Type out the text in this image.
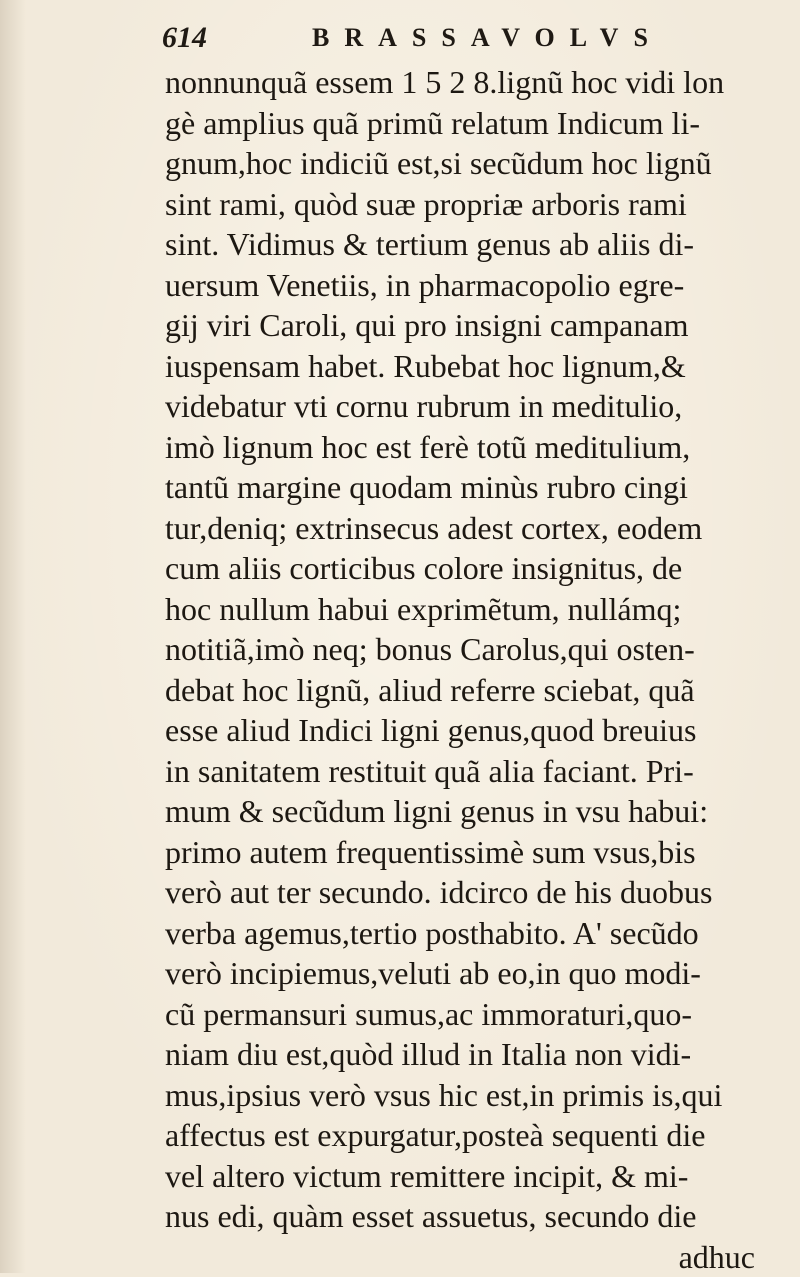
614	BRASSAVOLVS
nonnunquã essem 1 5 2 8.lignũ hoc vidi lon
gè amplius quã primũ relatum Indicum li-
gnum,hoc indiciũ est,si secũdum hoc lignũ
sint rami, quòd suæ propriæ arboris rami
sint. Vidimus & tertium genus ab aliis di-
uersum Venetiis, in pharmacopolio egre-
gij viri Caroli, qui pro insigni campanam
iuspensam habet. Rubebat hoc lignum,&
videbatur vti cornu rubrum in meditulio,
imò lignum hoc est ferè totũ meditulium,
tantũ margine quodam minùs rubro cingi
tur,deniq; extrinsecus adest cortex, eodem
cum aliis corticibus colore insignitus, de
hoc nullum habui exprimẽtum, nullámq;
notitiã,imò neq; bonus Carolus,qui osten-
debat hoc lignũ, aliud referre sciebat, quã
esse aliud Indici ligni genus,quod breuius
in sanitatem restituit quã alia faciant. Pri-
mum & secũdum ligni genus in vsu habui:
primo autem frequentissimè sum vsus,bis
verò aut ter secundo. idcirco de his duobus
verba agemus,tertio posthabito. A' secũdo
verò incipiemus,veluti ab eo,in quo modi-
cũ permansuri sumus,ac immoraturi,quo-
niam diu est,quòd illud in Italia non vidi-
mus,ipsius verò vsus hic est,in primis is,qui
affectus est expurgatur,posteà sequenti die
vel altero victum remittere incipit, & mi-
nus edi, quàm esset assuetus, secundo die
adhuc
